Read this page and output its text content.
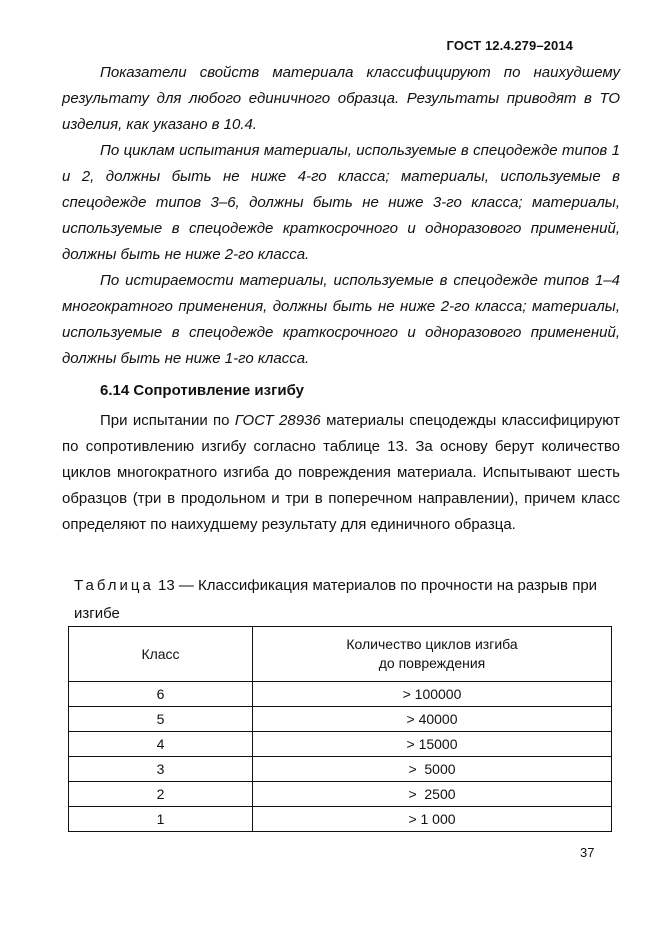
ГОСТ 12.4.279–2014

Показатели свойств материала классифицируют по наихудшему результату для любого единичного образца. Результаты приводят в ТО изделия, как указано в 10.4.

По циклам испытания материалы, используемые в спецодежде типов 1 и 2, должны быть не ниже 4-го класса; материалы, используемые в спецодежде типов 3–6, должны быть не ниже 3-го класса; материалы, используемые в спецодежде краткосрочного и одноразового применений, должны быть не ниже 2-го класса.

По истираемости материалы, используемые в спецодежде типов 1–4 многократного применения, должны быть не ниже 2-го класса; материалы, используемые в спецодежде краткосрочного и одноразового применений, должны быть не ниже 1-го класса.

6.14 Сопротивление изгибу

При испытании по ГОСТ 28936 материалы спецодежды классифицируют по сопротивлению изгибу согласно таблице 13. За основу берут количество циклов многократного изгиба до повреждения материала. Испытывают шесть образцов (три в продольном и три в поперечном направлении), причем класс определяют по наихудшему результату для единичного образца.

Таблица 13 — Классификация материалов по прочности на разрыв при изгибе

Класс	Количество циклов изгиба
до повреждения
6	> 100000
5	> 40000
4	> 15000
3	>  5000
2	>  2500
1	> 1 000
37
